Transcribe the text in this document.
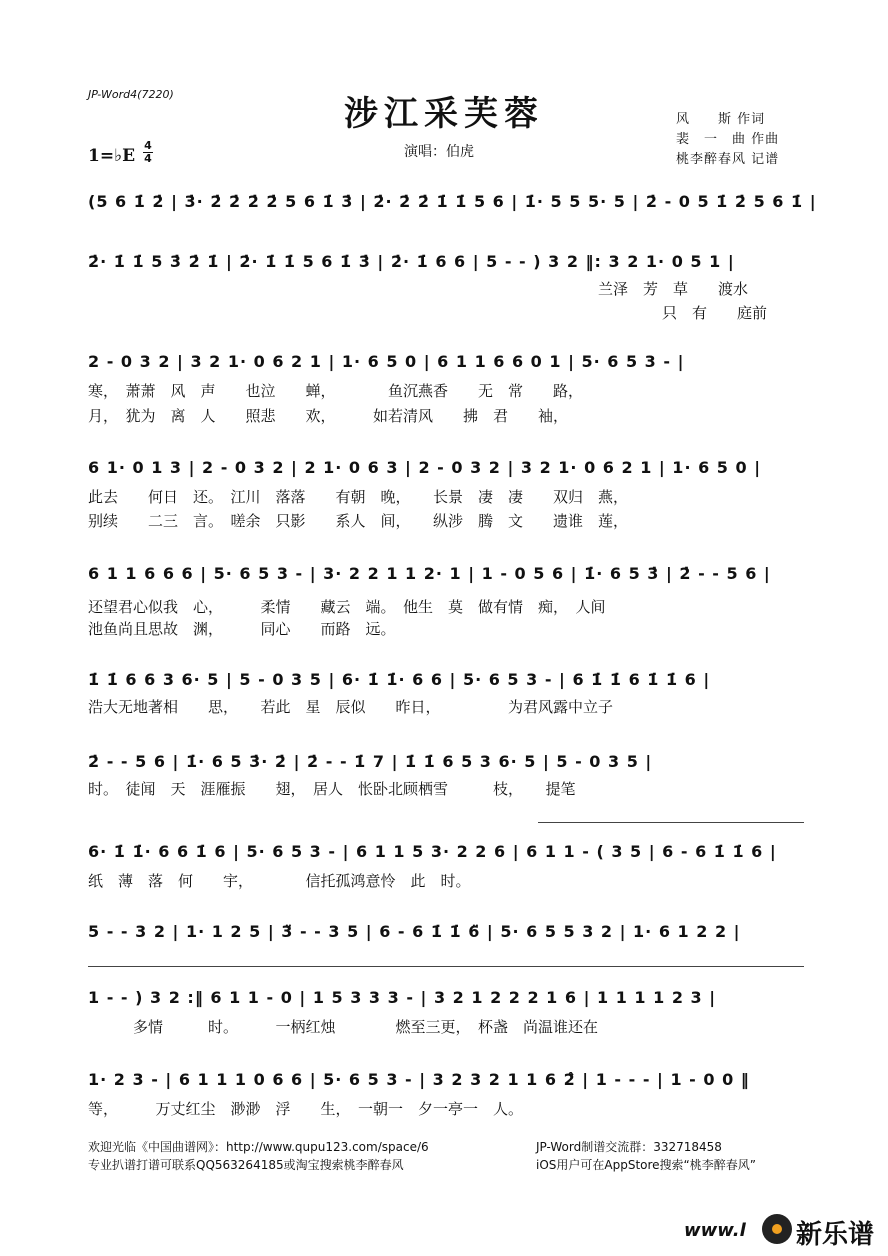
JP-Word4(7220)	涉江采芙蓉
1=♭E
4
4	演唱：伯虎
风　　斯 作词
裴　一　曲 作曲
桃李醉春风 记谱
(5 6 1̇ 2̇ | 3̇· 2̇ 2̇ 2̇ 2̇ 5 6 1̇ 3̇ | 2̇· 2̇ 2̇ 1̇ 1̇ 5 6 | 1̇· 5 5 5· 5 | 2̇ - 0 5 1̇ 2̇ 5 6 1̇ |
2̇· 1̇ 1̇ 5 3̇ 2̇ 1̇ | 2̇· 1̇ 1̇ 5 6 1̇ 3̇ | 2̇· 1̇ 6 6 | 5 - - ) 3 2 ‖: 3 2 1· 0 5 1 |
兰泽　芳　草　　渡水
只　有　　庭前
2 - 0 3 2 | 3 2 1· 0 6 2 1 | 1· 6 5 0 | 6 1 1 6 6 0 1 | 5· 6 5 3 - |
寒，　萧萧　风　声　　也泣　　蝉，　　　　鱼沉燕香　　无　常　　路，
月，　犹为　离　人　　照悲　　欢，　　　如若清风　　拂　君　　袖，
6 1· 0 1 3 | 2 - 0 3 2 | 2 1· 0 6 3 | 2 - 0 3 2 | 3 2 1· 0 6 2 1 | 1· 6 5 0 |
此去　　何日　还。　江川　落落　　有朝　晚，　　长景　凄　凄　　双归　燕，
别续　　二三　言。　嗟余　只影　　系人　间，　　纵涉　腾　文　　遗谁　莲，
6 1 1 6 6 6 | 5· 6 5 3 - | 3· 2 2 1 1 2· 1 | 1 - 0 5 6 | 1̇· 6 5 3̇ | 2̇ - - 5 6 |
还望君心似我　心，　　　柔情　　藏云　端。　他生　莫　做有情　痴，　人间
池鱼尚且思故　渊，　　　同心　　而路　远。
1̇ 1̇ 6 6 3 6· 5 | 5 - 0 3 5 | 6· 1̇ 1̇· 6 6 | 5· 6 5 3 - | 6 1̇ 1̇ 6 1̇ 1̇ 6 |
浩大无地著相　　思，　　若此　星　辰似　　昨日，　　　　　为君风露中立子
2̇ - - 5 6 | 1̇· 6 5 3̇· 2̇ | 2̇ - - 1̇ 7 | 1̇ 1̇ 6 5 3 6· 5 | 5 - 0 3 5 |
时。　徒闻　天　涯雁振　　翅，　居人　怅卧北顾栖雪　　　枝，　　提笔
6· 1̇ 1̇· 6 6 1̇ 6 | 5· 6 5 3 - | 6 1 1 5 3· 2 2 6 | 6 1 1 - ( 3 5 | 6 - 6 1̇ 1̇ 6 |
纸　薄　落　何　　宇，　　　　信托孤鸿意怜　此　时。
5 - - 3 2 | 1· 1 2 5 | 3̈ - - 3 5 | 6 - 6 1̇ 1̇ 6̈ | 5· 6 5 5 3 2 | 1· 6 1 2 2 |
1 - - ) 3 2 :‖ 6 1 1 - 0 | 1 5 3 3 3 - | 3 2 1 2 2 2 1 6 | 1 1 1 1 2 3 |
　　　多情　　　时。　　　一柄红烛　　　　燃至三更，　杯盏　尚温谁还在
1· 2 3 - | 6 1 1 1 0 6 6 | 5· 6 5 3 - | 3 2 3 2 1 1 6 2̂ | 1 - - - | 1 - 0 0 ‖
等，　　　万丈红尘　渺渺　浮　　生，　一朝一　夕一亭一　人。
欢迎光临《中国曲谱网》：http://www.qupu123.com/space/6
专业扒谱打谱可联系QQ563264185或淘宝搜索桃李醉春风
JP-Word制谱交流群：332718458
iOS用户可在AppStore搜索“桃李醉春风”
www.l 新乐谱
